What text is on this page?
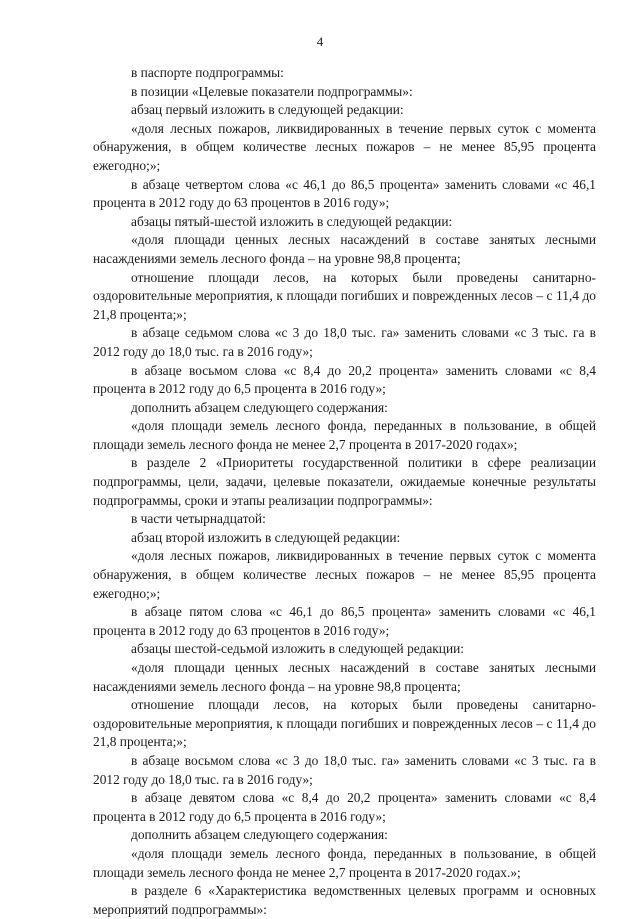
4

в паспорте подпрограммы:

в позиции «Целевые показатели подпрограммы»:

абзац первый изложить в следующей редакции:

«доля лесных пожаров, ликвидированных в течение первых суток с момента обнаружения, в общем количестве лесных пожаров – не менее 85,95 процента ежегодно;»;

в абзаце четвертом слова «с 46,1 до 86,5 процента» заменить словами «с 46,1 процента в 2012 году до 63 процентов в 2016 году»;

абзацы пятый-шестой изложить в следующей редакции:

«доля площади ценных лесных насаждений в составе занятых лесными насаждениями земель лесного фонда – на уровне 98,8 процента;

отношение площади лесов, на которых были проведены санитарно-оздоровительные мероприятия, к площади погибших и поврежденных лесов – с 11,4 до 21,8 процента;»;

в абзаце седьмом слова «с 3 до 18,0 тыс. га» заменить словами «с 3 тыс. га в 2012 году до 18,0 тыс. га в 2016 году»;

в абзаце восьмом слова «с 8,4 до 20,2 процента» заменить словами «с 8,4 процента в 2012 году до 6,5 процента в 2016 году»;

дополнить абзацем следующего содержания:

«доля площади земель лесного фонда, переданных в пользование, в общей площади земель лесного фонда не менее 2,7 процента в 2017-2020 годах»;

в разделе 2 «Приоритеты государственной политики в сфере реализации подпрограммы, цели, задачи, целевые показатели, ожидаемые конечные результаты подпрограммы, сроки и этапы реализации подпрограммы»:

в части четырнадцатой:

абзац второй изложить в следующей редакции:

«доля лесных пожаров, ликвидированных в течение первых суток с момента обнаружения, в общем количестве лесных пожаров – не менее 85,95 процента ежегодно;»;

в абзаце пятом слова «с 46,1 до 86,5 процента» заменить словами «с 46,1 процента в 2012 году до 63 процентов в 2016 году»;

абзацы шестой-седьмой изложить в следующей редакции:

«доля площади ценных лесных насаждений в составе занятых лесными насаждениями земель лесного фонда – на уровне 98,8 процента;

отношение площади лесов, на которых были проведены санитарно-оздоровительные мероприятия, к площади погибших и поврежденных лесов – с 11,4 до 21,8 процента;»;

в абзаце восьмом слова «с 3 до 18,0 тыс. га» заменить словами «с 3 тыс. га в 2012 году до 18,0 тыс. га в 2016 году»;

в абзаце девятом слова «с 8,4 до 20,2 процента» заменить словами «с 8,4 процента в 2012 году до 6,5 процента в 2016 году»;

дополнить абзацем следующего содержания:

«доля площади земель лесного фонда, переданных в пользование, в общей площади земель лесного фонда не менее 2,7 процента в 2017-2020 годах.»;

в разделе 6 «Характеристика ведомственных целевых программ и основных мероприятий подпрограммы»:
